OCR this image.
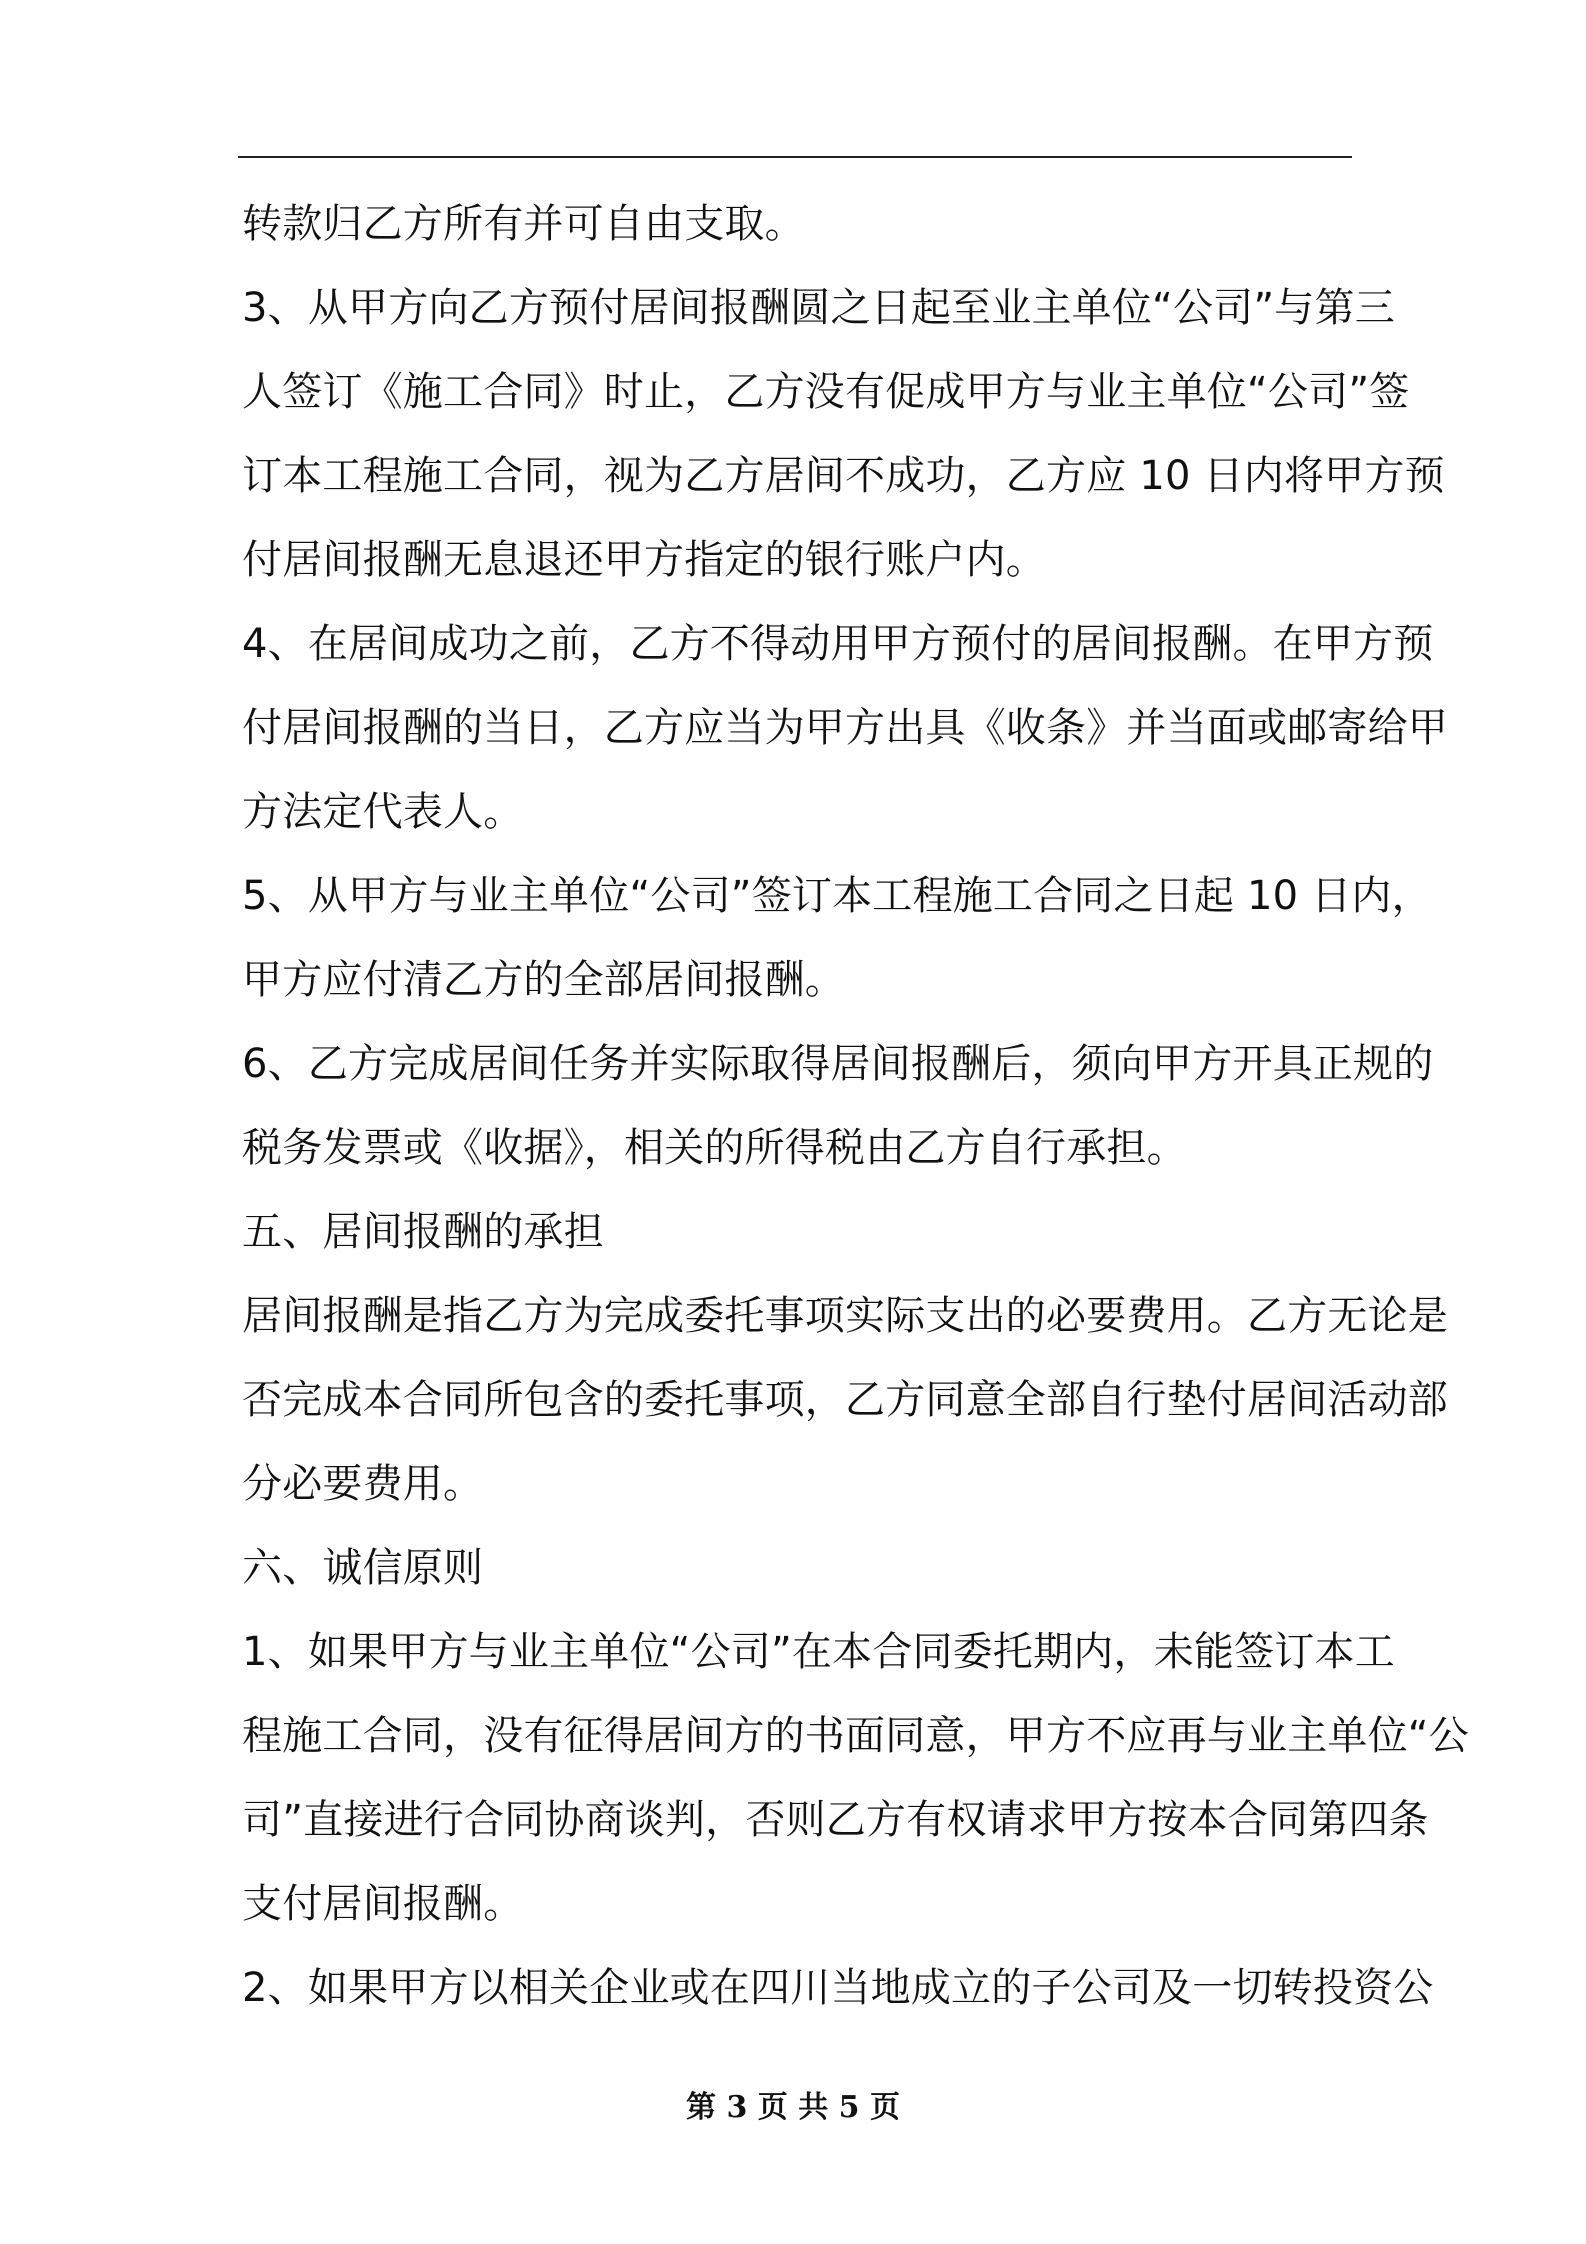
转款归乙方所有并可自由支取。
3、从甲方向乙方预付居间报酬圆之日起至业主单位“公司”与第三
人签订《施工合同》时止，乙方没有促成甲方与业主单位“公司”签
订本工程施工合同，视为乙方居间不成功，乙方应 10 日内将甲方预
付居间报酬无息退还甲方指定的银行账户内。
4、在居间成功之前，乙方不得动用甲方预付的居间报酬。在甲方预
付居间报酬的当日，乙方应当为甲方出具《收条》并当面或邮寄给甲
方法定代表人。
5、从甲方与业主单位“公司”签订本工程施工合同之日起 10 日内，
甲方应付清乙方的全部居间报酬。
6、乙方完成居间任务并实际取得居间报酬后，须向甲方开具正规的
税务发票或《收据》，相关的所得税由乙方自行承担。
五、居间报酬的承担
居间报酬是指乙方为完成委托事项实际支出的必要费用。乙方无论是
否完成本合同所包含的委托事项，乙方同意全部自行垫付居间活动部
分必要费用。
六、诚信原则
1、如果甲方与业主单位“公司”在本合同委托期内，未能签订本工
程施工合同，没有征得居间方的书面同意，甲方不应再与业主单位“公
司”直接进行合同协商谈判，否则乙方有权请求甲方按本合同第四条
支付居间报酬。
2、如果甲方以相关企业或在四川当地成立的子公司及一切转投资公
第 3 页 共 5 页
